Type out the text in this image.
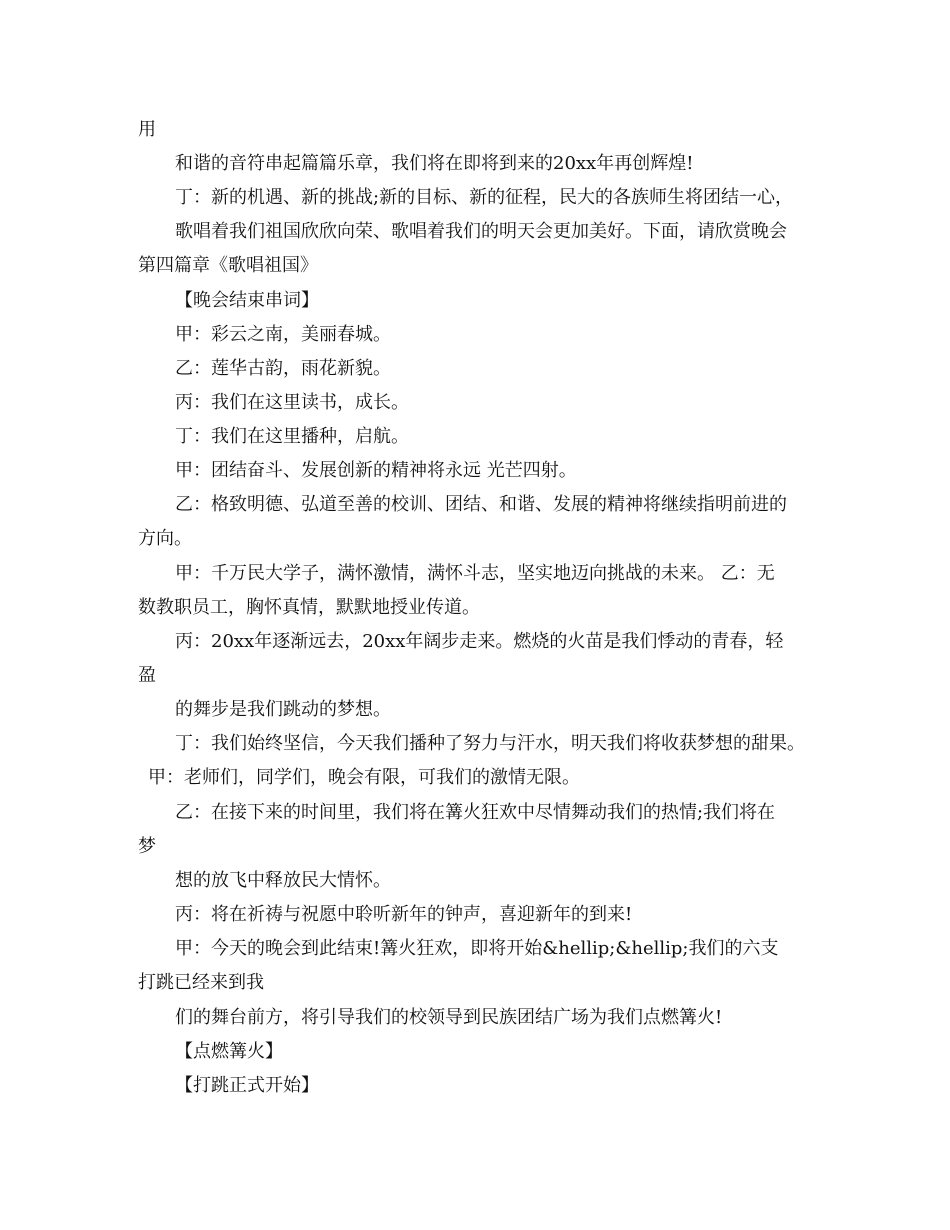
用
和谐的音符串起篇篇乐章，我们将在即将到来的20xx年再创辉煌!
丁：新的机遇、新的挑战;新的目标、新的征程，民大的各族师生将团结一心，
歌唱着我们祖国欣欣向荣、歌唱着我们的明天会更加美好。下面，请欣赏晚会
第四篇章《歌唱祖国》
【晚会结束串词】
甲：彩云之南，美丽春城。
乙：莲华古韵，雨花新貌。
丙：我们在这里读书，成长。
丁：我们在这里播种，启航。
甲：团结奋斗、发展创新的精神将永远 光芒四射。
乙：格致明德、弘道至善的校训、团结、和谐、发展的精神将继续指明前进的
方向。
甲：千万民大学子，满怀激情，满怀斗志，坚实地迈向挑战的未来。 乙：无
数教职员工，胸怀真情，默默地授业传道。
丙：20xx年逐渐远去，20xx年阔步走来。燃烧的火苗是我们悸动的青春，轻
盈
的舞步是我们跳动的梦想。
丁：我们始终坚信，今天我们播种了努力与汗水，明天我们将收获梦想的甜果。
甲：老师们，同学们，晚会有限，可我们的激情无限。
乙：在接下来的时间里，我们将在篝火狂欢中尽情舞动我们的热情;我们将在
梦
想的放飞中释放民大情怀。
丙：将在祈祷与祝愿中聆听新年的钟声，喜迎新年的到来!
甲：今天的晚会到此结束!篝火狂欢，即将开始&hellip;&hellip;我们的六支
打跳已经来到我
们的舞台前方，将引导我们的校领导到民族团结广场为我们点燃篝火!
【点燃篝火】
【打跳正式开始】
